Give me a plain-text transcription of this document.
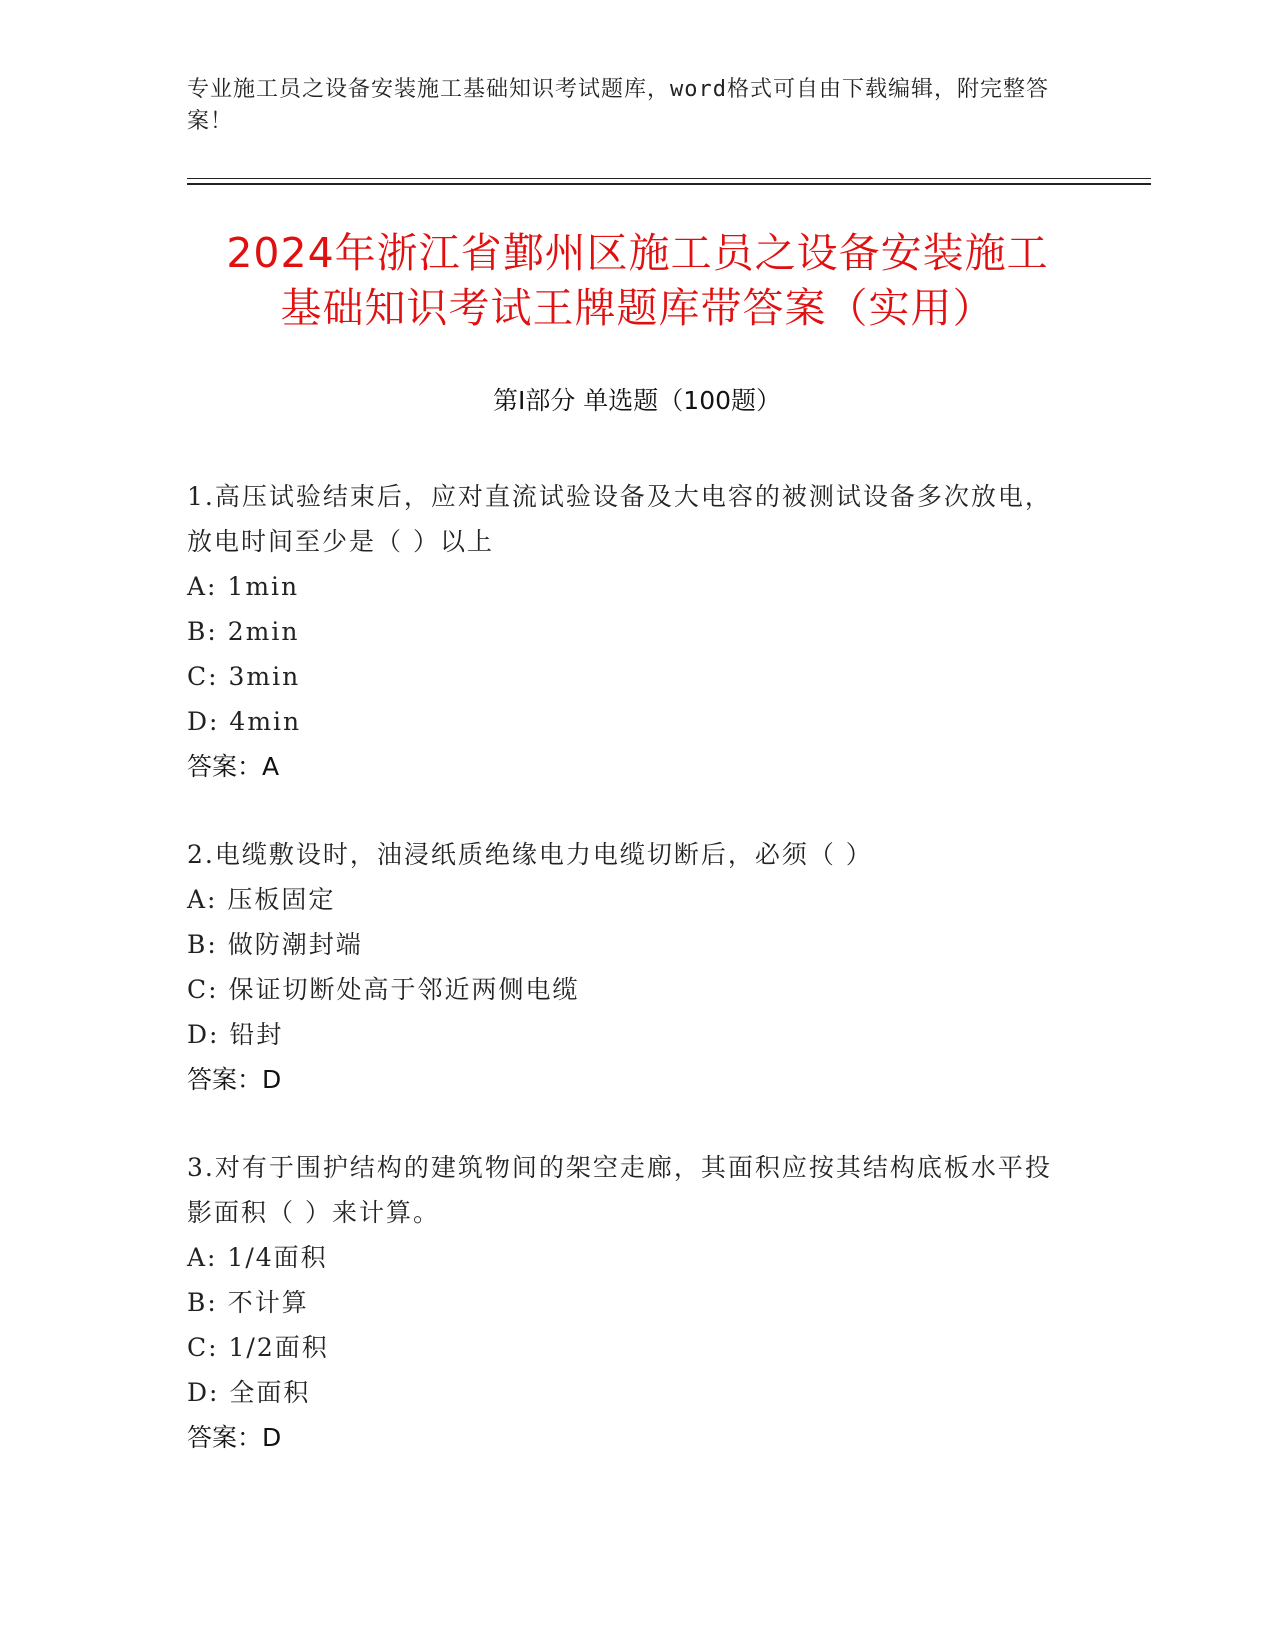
专业施工员之设备安装施工基础知识考试题库，word格式可自由下载编辑，附完整答案！
2024年浙江省鄞州区施工员之设备安装施工
基础知识考试王牌题库带答案（实用）
第Ⅰ部分 单选题（100题）
1.高压试验结束后，应对直流试验设备及大电容的被测试设备多次放电，放电时间至少是（ ）以上
A: 1min
B: 2min
C: 3min
D: 4min
答案：A
2.电缆敷设时，油浸纸质绝缘电力电缆切断后，必须（ ）
A: 压板固定
B: 做防潮封端
C: 保证切断处高于邻近两侧电缆
D: 铅封
答案：D
3.对有于围护结构的建筑物间的架空走廊，其面积应按其结构底板水平投影面积（ ）来计算。
A: 1/4面积
B: 不计算
C: 1/2面积
D: 全面积
答案：D
